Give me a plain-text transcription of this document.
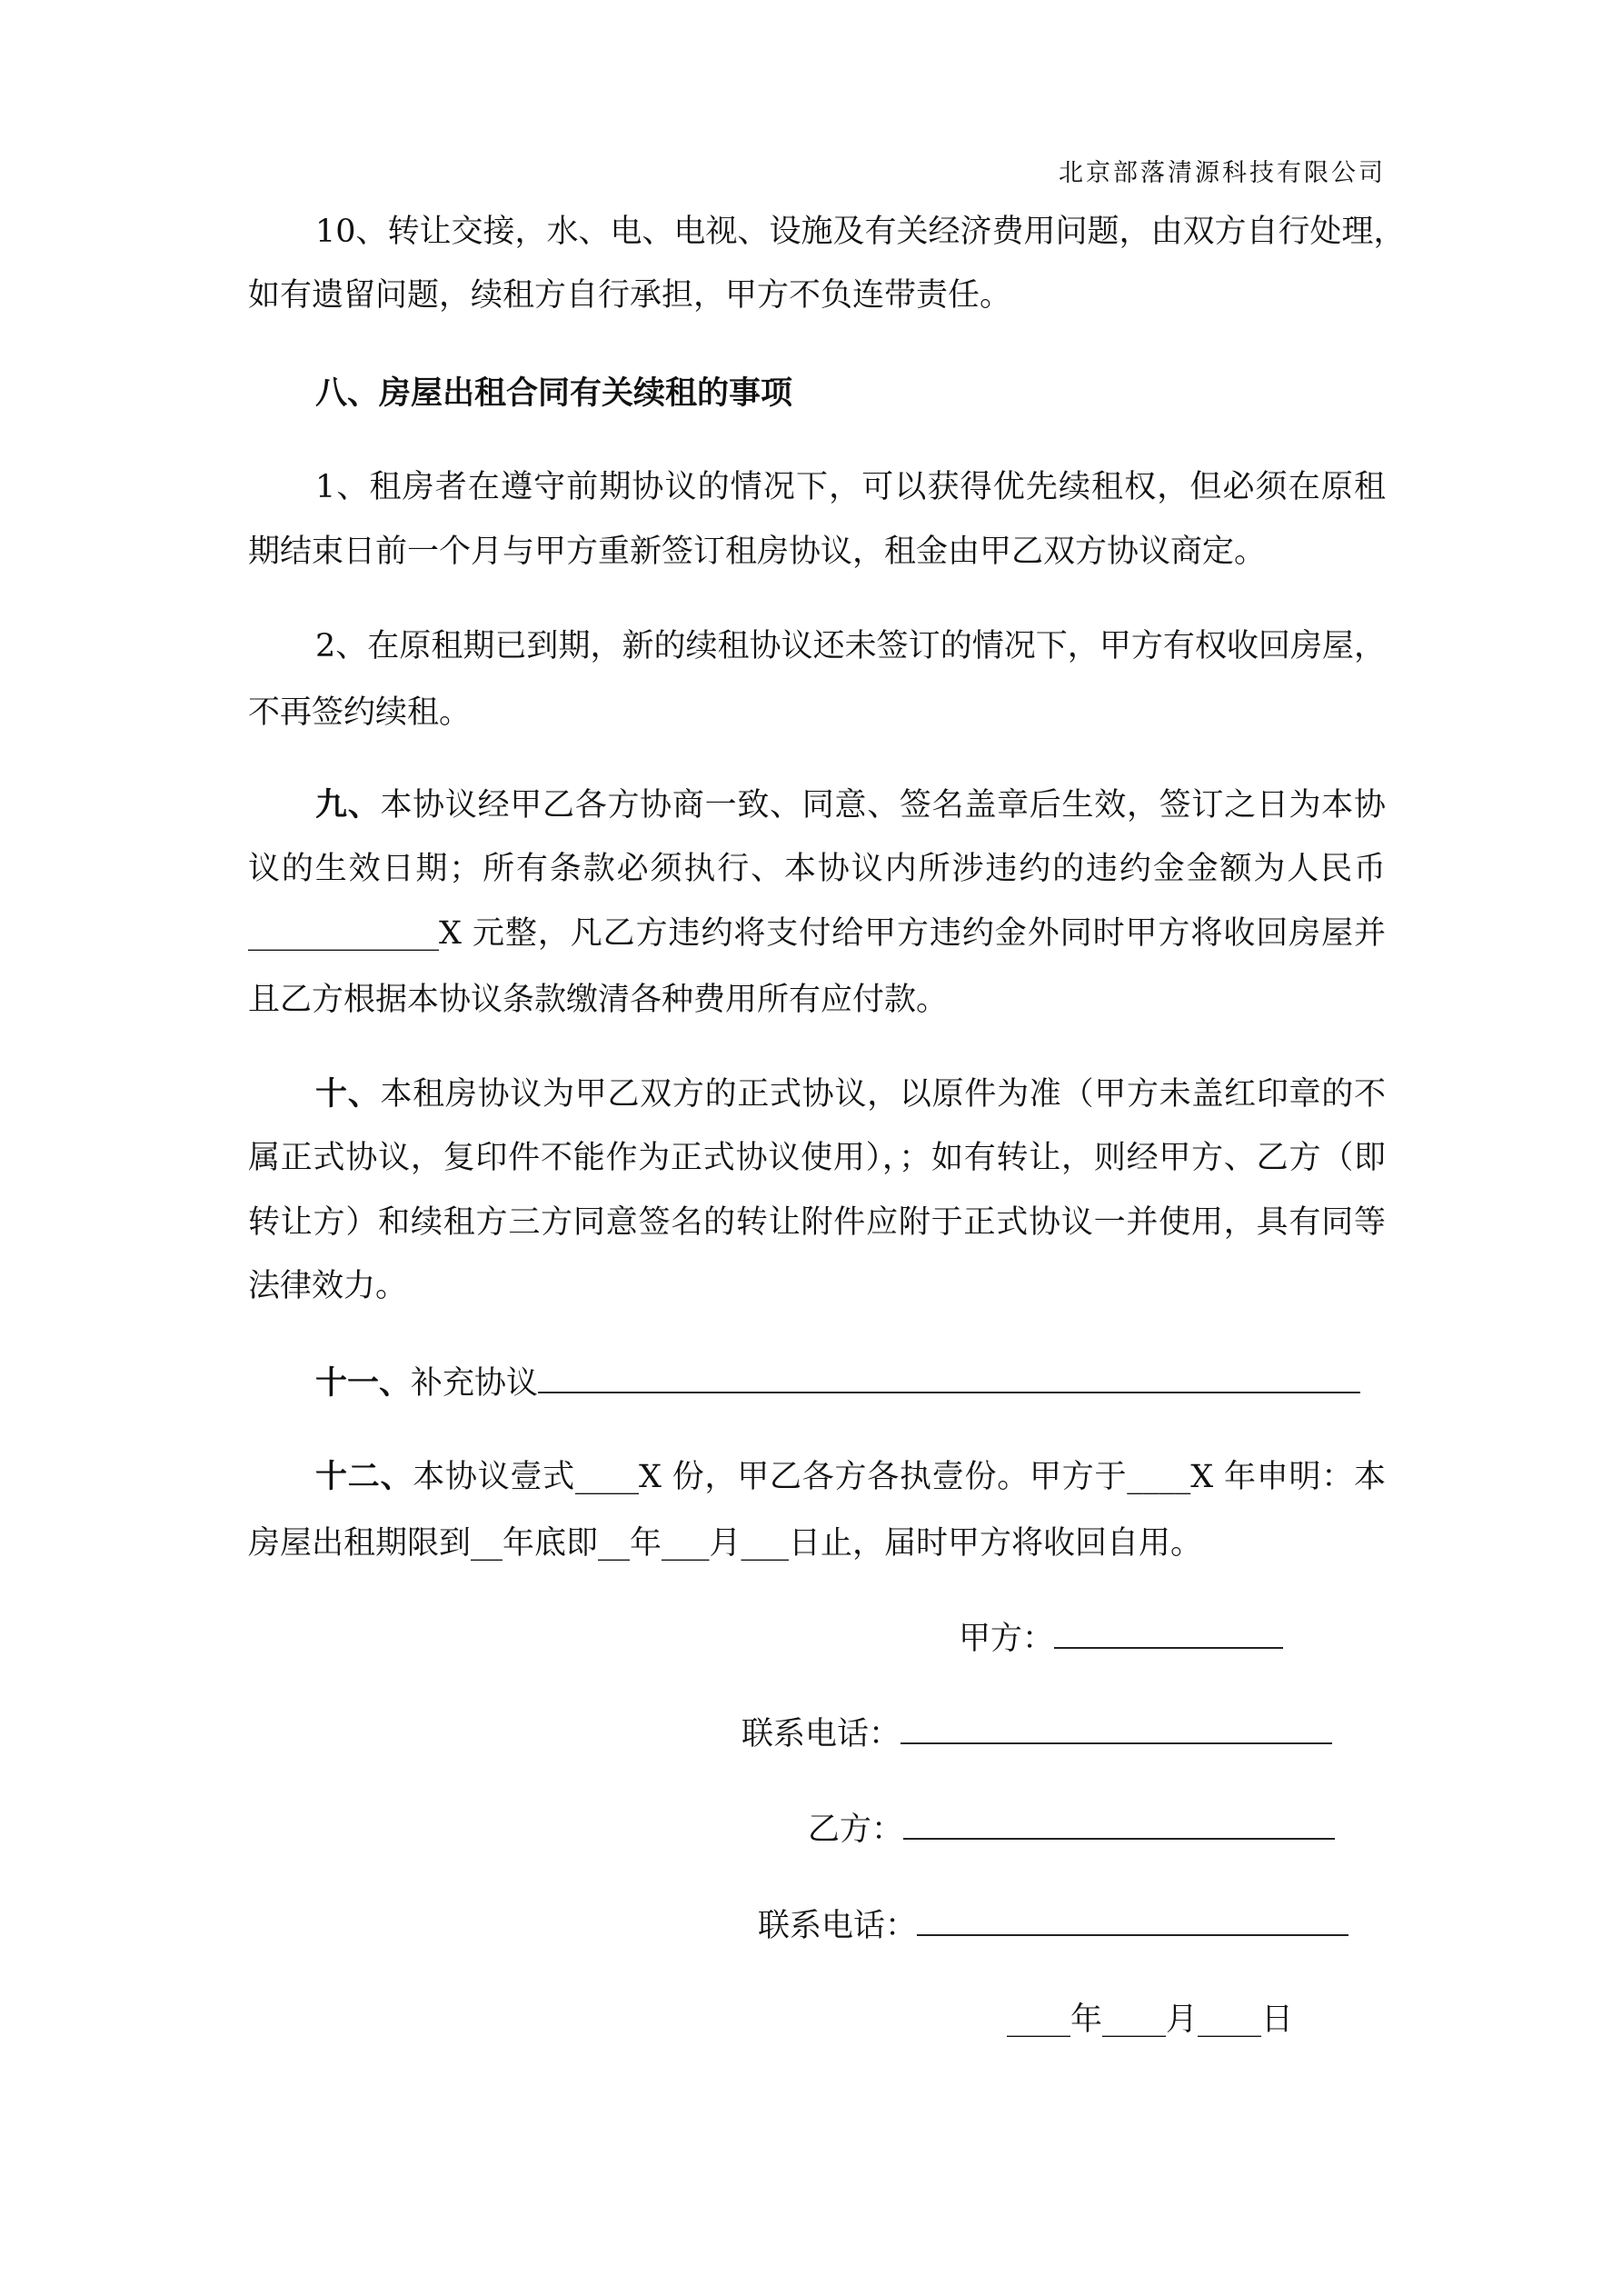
北京部落清源科技有限公司
10、转让交接，水、电、电视、设施及有关经济费用问题，由双方自行处理，
如有遗留问题，续租方自行承担，甲方不负连带责任。
八、房屋出租合同有关续租的事项
1、租房者在遵守前期协议的情况下，可以获得优先续租权，但必须在原租
期结束日前一个月与甲方重新签订租房协议，租金由甲乙双方协议商定。
2、在原租期已到期，新的续租协议还未签订的情况下，甲方有权收回房屋，
不再签约续租。
九、本协议经甲乙各方协商一致、同意、签名盖章后生效，签订之日为本协
议的生效日期；所有条款必须执行、本协议内所涉违约的违约金金额为人民币
____________X 元整，凡乙方违约将支付给甲方违约金外同时甲方将收回房屋并
且乙方根据本协议条款缴清各种费用所有应付款。
十、本租房协议为甲乙双方的正式协议，以原件为准（甲方未盖红印章的不
属正式协议，复印件不能作为正式协议使用），；如有转让，则经甲方、乙方（即
转让方）和续租方三方同意签名的转让附件应附于正式协议一并使用，具有同等
法律效力。
十一、补充协议
十二、本协议壹式____X 份，甲乙各方各执壹份。甲方于____X 年申明：本
房屋出租期限到__年底即__年___月___日止，届时甲方将收回自用。
甲方：
联系电话：
乙方：
联系电话：
____年____月____日
